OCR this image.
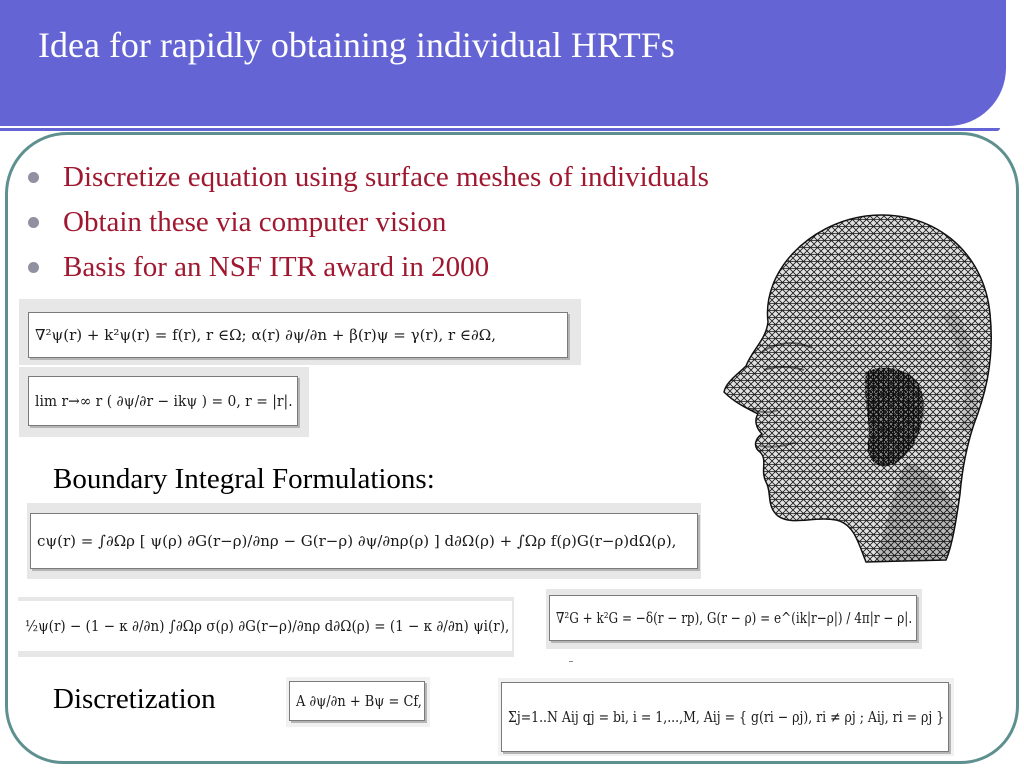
Idea for rapidly obtaining individual HRTFs
Discretize equation using surface meshes of individuals
Obtain these via computer vision
Basis for an NSF ITR award in 2000
∇²ψ(r) + k²ψ(r) = f(r), r ∈Ω; α(r) ∂ψ/∂n + β(r)ψ = γ(r), r ∈∂Ω,
lim r→∞ r ( ∂ψ/∂r − ikψ ) = 0, r = |r|.
Boundary Integral Formulations:
cψ(r) = ∫∂Ωρ [ ψ(ρ) ∂G(r−ρ)/∂nρ − G(r−ρ) ∂ψ/∂nρ(ρ) ] d∂Ω(ρ) + ∫Ωρ f(ρ)G(r−ρ)dΩ(ρ),
½ψ(r) − (1 − κ ∂/∂n) ∫∂Ωρ σ(ρ) ∂G(r−ρ)/∂nρ d∂Ω(ρ) = (1 − κ ∂/∂n) ψi(r),	∇²G + k²G = −δ(r − rp), G(r − ρ) = e^(ik|r−ρ|) / 4π|r − ρ|.
Discretization	A ∂ψ/∂n + Bψ = Cf,
Σj=1..N Aij qj = bi, i = 1,...,M, Aij = { g(ri − ρj), ri ≠ ρj ; Aij, ri = ρj }
